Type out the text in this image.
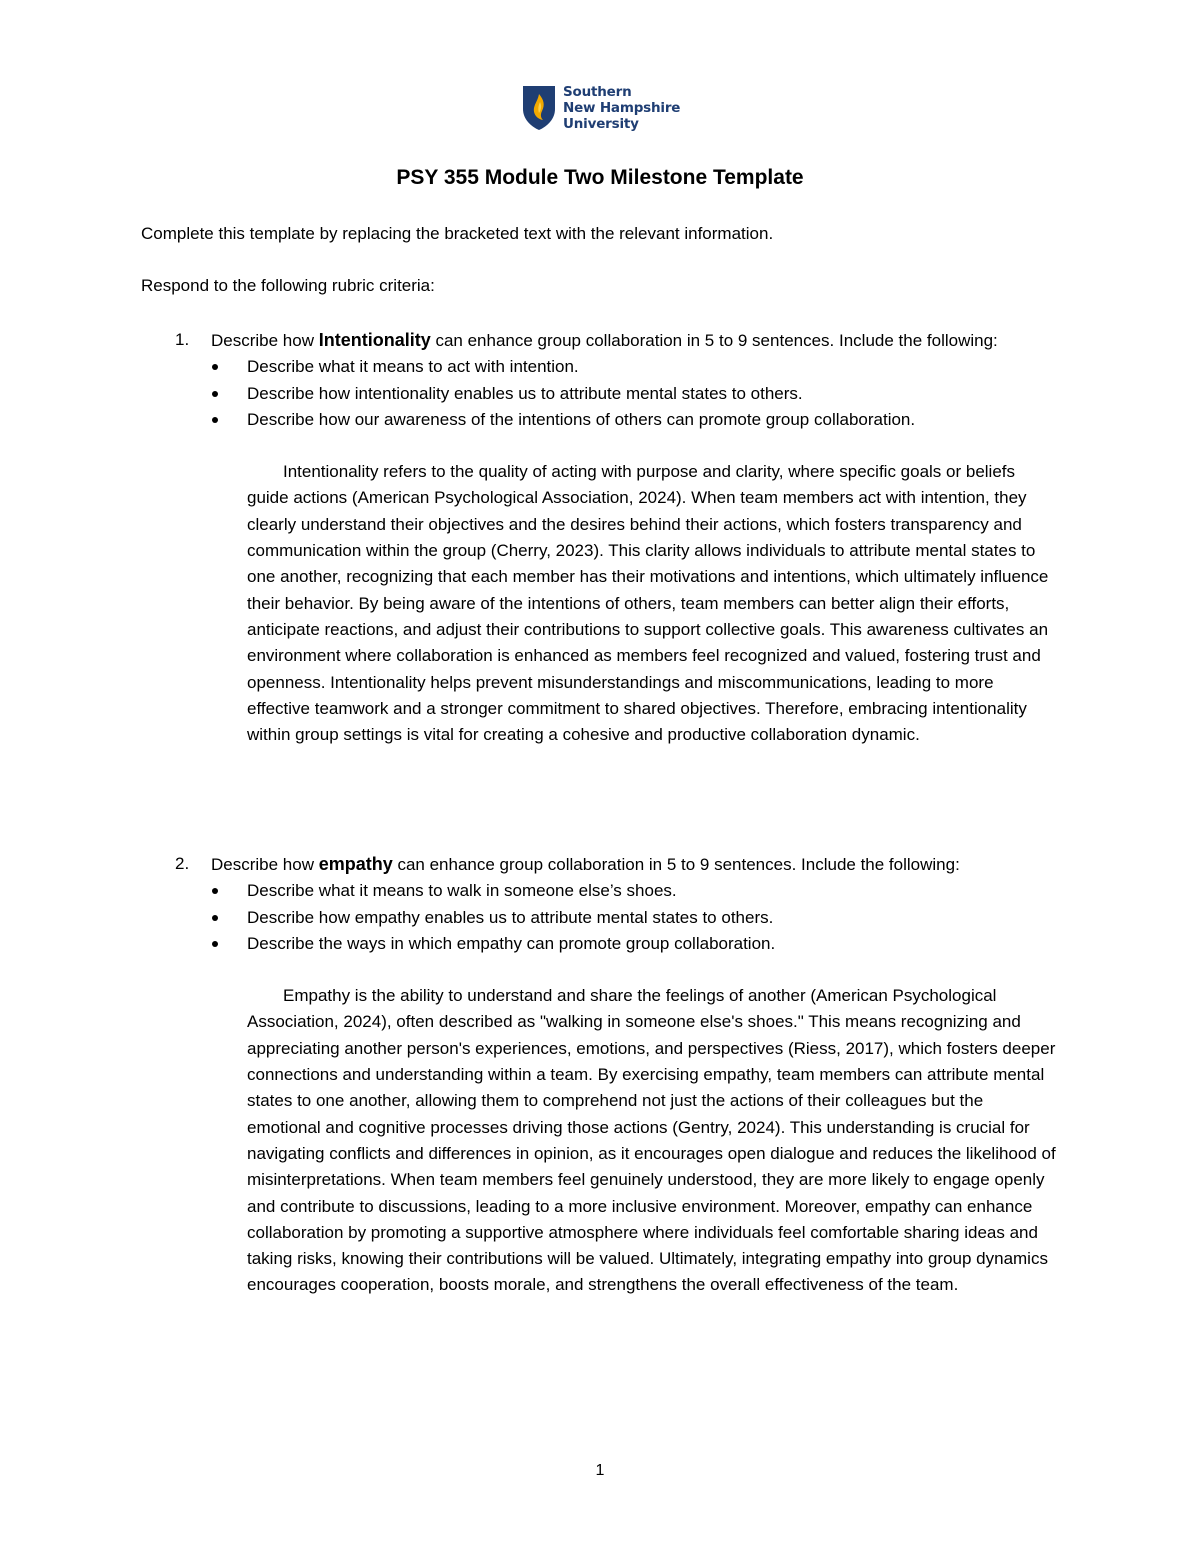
Southern
New Hampshire
University
PSY 355 Module Two Milestone Template
Complete this template by replacing the bracketed text with the relevant information.
Respond to the following rubric criteria:
1. Describe how Intentionality can enhance group collaboration in 5 to 9 sentences. Include the following:
Describe what it means to act with intention.
Describe how intentionality enables us to attribute mental states to others.
Describe how our awareness of the intentions of others can promote group collaboration.

Intentionality refers to the quality of acting with purpose and clarity, where specific goals or beliefs guide actions (American Psychological Association, 2024). When team members act with intention, they clearly understand their objectives and the desires behind their actions, which fosters transparency and communication within the group (Cherry, 2023). This clarity allows individuals to attribute mental states to one another, recognizing that each member has their motivations and intentions, which ultimately influence their behavior. By being aware of the intentions of others, team members can better align their efforts, anticipate reactions, and adjust their contributions to support collective goals. This awareness cultivates an environment where collaboration is enhanced as members feel recognized and valued, fostering trust and openness. Intentionality helps prevent misunderstandings and miscommunications, leading to more effective teamwork and a stronger commitment to shared objectives. Therefore, embracing intentionality within group settings is vital for creating a cohesive and productive collaboration dynamic.

2. Describe how empathy can enhance group collaboration in 5 to 9 sentences. Include the following:
Describe what it means to walk in someone else’s shoes.
Describe how empathy enables us to attribute mental states to others.
Describe the ways in which empathy can promote group collaboration.

Empathy is the ability to understand and share the feelings of another (American Psychological Association, 2024), often described as "walking in someone else's shoes." This means recognizing and appreciating another person's experiences, emotions, and perspectives (Riess, 2017), which fosters deeper connections and understanding within a team. By exercising empathy, team members can attribute mental states to one another, allowing them to comprehend not just the actions of their colleagues but the emotional and cognitive processes driving those actions (Gentry, 2024). This understanding is crucial for navigating conflicts and differences in opinion, as it encourages open dialogue and reduces the likelihood of misinterpretations. When team members feel genuinely understood, they are more likely to engage openly and contribute to discussions, leading to a more inclusive environment. Moreover, empathy can enhance collaboration by promoting a supportive atmosphere where individuals feel comfortable sharing ideas and taking risks, knowing their contributions will be valued. Ultimately, integrating empathy into group dynamics encourages cooperation, boosts morale, and strengthens the overall effectiveness of the team.

1
